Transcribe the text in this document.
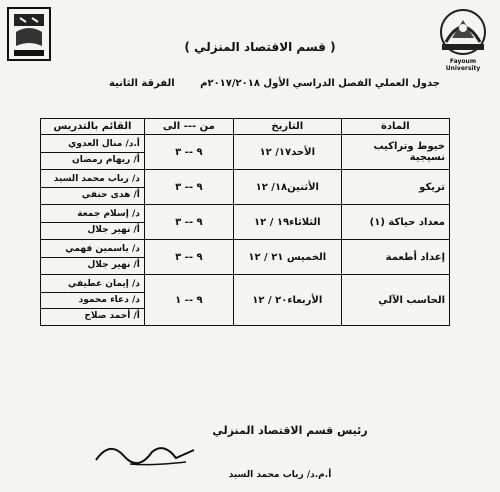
Fayoum University
( قسم الاقتصاد المنزلي )
جدول العملي الفصل الدراسي الأول ٢٠١٧/٢٠١٨م الفرقة الثانية
المادة	التاريخ	من --- الى	القائم بالتدريس
خيوط وتراكيب نسيجية	الأحد١٧/ ١٢	٩ -- ٣	أ.د/ منال العدوي
أ/ ريهام رمضان

تريكو	الأثنين١٨/ ١٢	٩ -- ٣	د/ رباب محمد السيد
أ/ هدى حنفي

معداد حياكة (١)	الثلاثاء١٩ / ١٢	٩ -- ٣	د/ إسلام جمعة
أ/ نهير جلال

إعداد أطعمة	الخميس ٢١ / ١٢	٩ -- ٣	د/ ياسمين فهمي
أ/ نهير جلال

الحاسب الآلي	الأربعاء٢٠ / ١٢	٩ -- ١	د/ إيمان عطيفي
د/ دعاء محمود
أ/ أحمد صلاح
رئيس قسم الاقتصاد المنزلي
أ.م.د/ رباب محمد السيد
